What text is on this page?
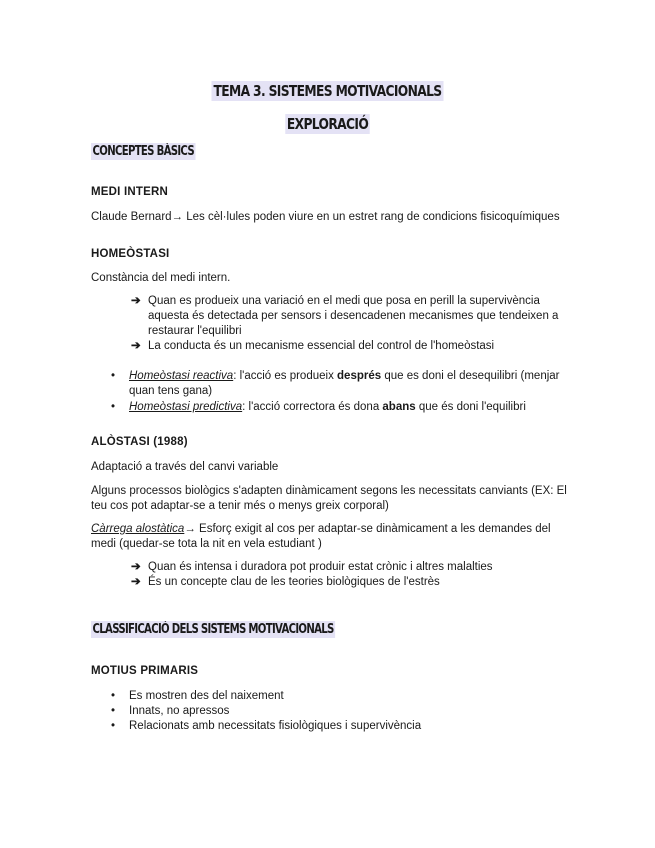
TEMA 3. SISTEMES MOTIVACIONALS
EXPLORACIÓ
CONCEPTES BÀSICS
MEDI INTERN
Claude Bernard→ Les cèl·lules poden viure en un estret rang de condicions fisicoquímiques
HOMEÒSTASI
Constància del medi intern.
➔ Quan es produeix una variació en el medi que posa en perill la supervivència aquesta és detectada per sensors i desencadenen mecanismes que tendeixen a restaurar l'equilibri
➔ La conducta és un mecanisme essencial del control de l'homeòstasi
• Homeòstasi reactiva: l'acció es produeix després que es doni el desequilibri (menjar quan tens gana)
• Homeòstasi predictiva: l'acció correctora és dona abans que és doni l'equilibri
ALÒSTASI (1988)
Adaptació a través del canvi variable
Alguns processos biològics s'adapten dinàmicament segons les necessitats canviants (EX: El teu cos pot adaptar-se a tenir més o menys greix corporal)
Càrrega alostàtica→ Esforç exigit al cos per adaptar-se dinàmicament a les demandes del medi (quedar-se tota la nit en vela estudiant )
➔ Quan és intensa i duradora pot produir estat crònic i altres malalties
➔ És un concepte clau de les teories biològiques de l'estrès
CLASSIFICACIÓ DELS SISTEMS MOTIVACIONALS
MOTIUS PRIMARIS
• Es mostren des del naixement
• Innats, no apressos
• Relacionats amb necessitats fisiològiques i supervivència
